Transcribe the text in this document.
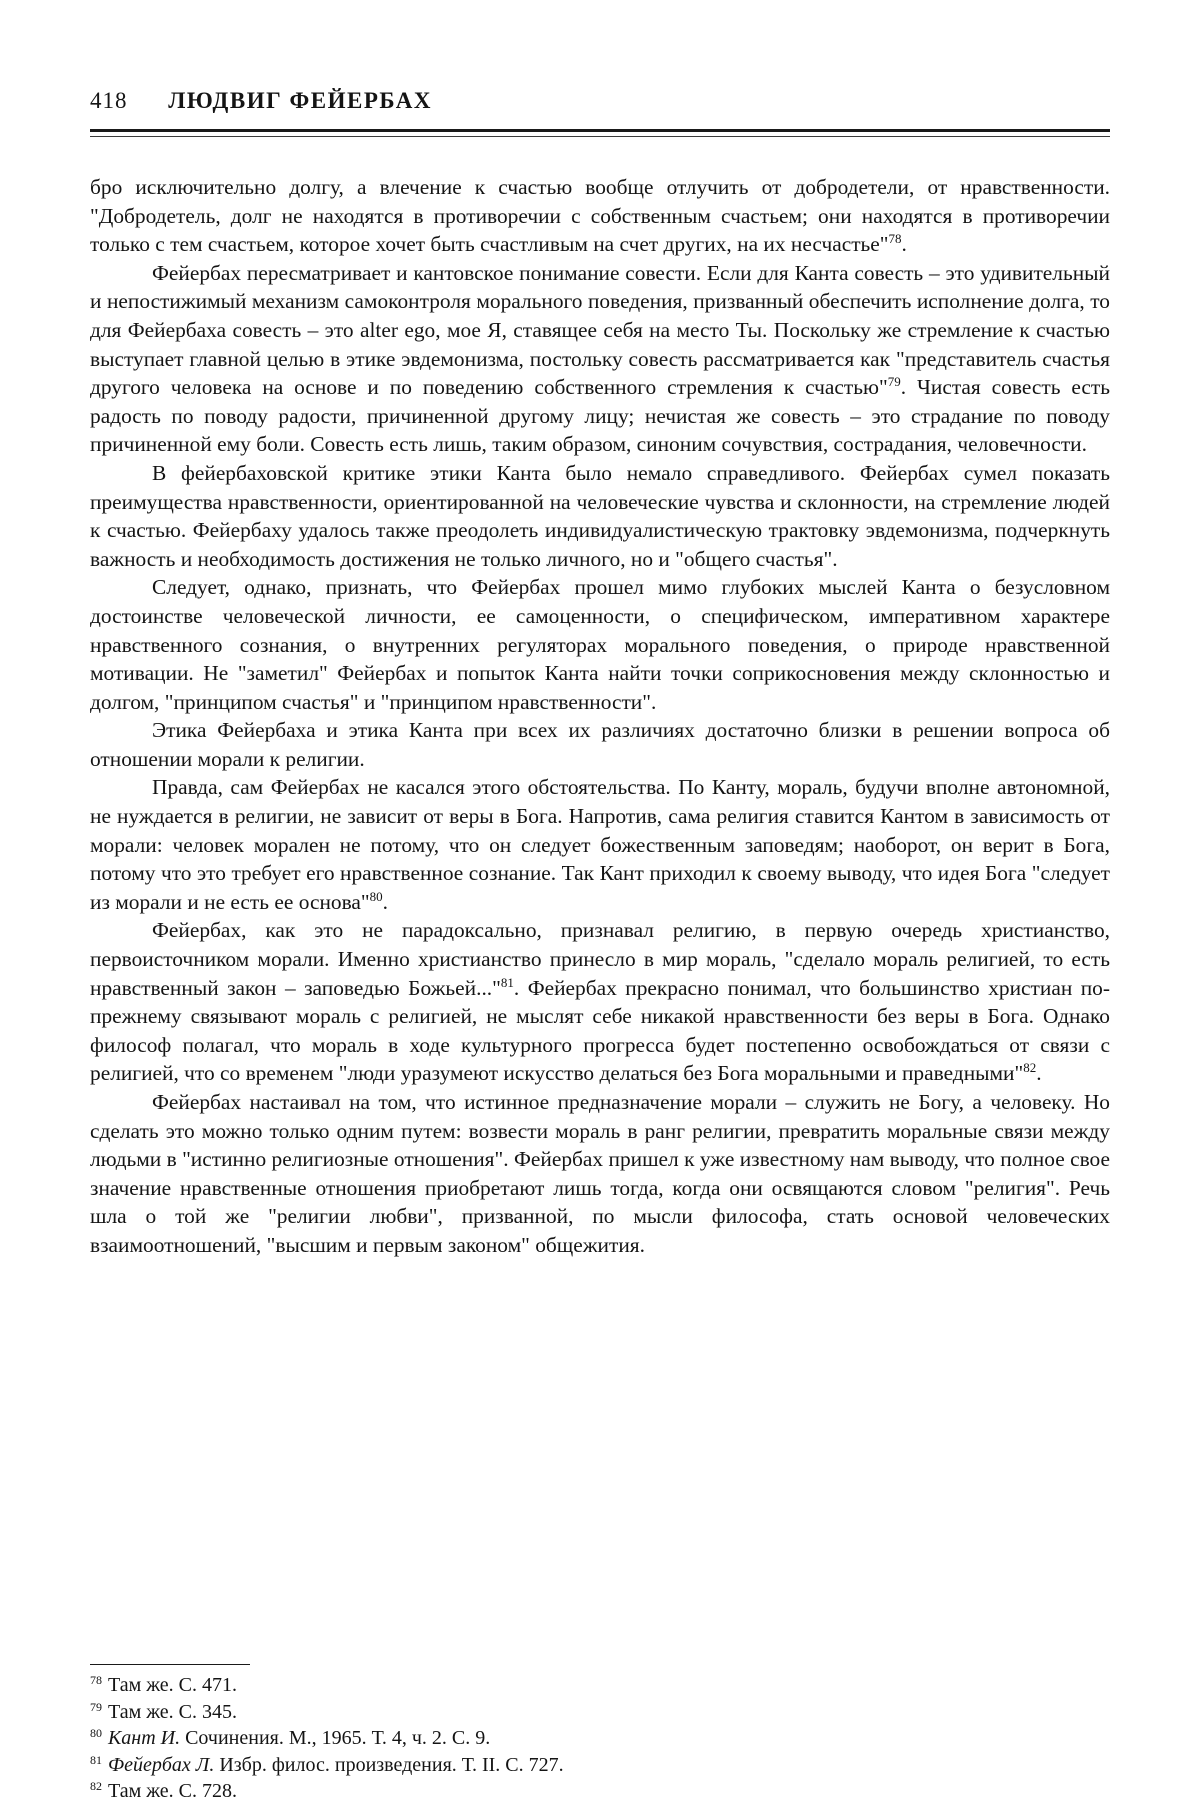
418 ЛЮДВИГ ФЕЙЕРБАХ

бро исключительно долгу, а влечение к счастью вообще отлучить от добродетели, от нравственности. "Добродетель, долг не находятся в противоречии с собственным счастьем; они находятся в противоречии только с тем счастьем, которое хочет быть счастливым на счет других, на их несчастье"$^{78}$.

Фейербах пересматривает и кантовское понимание совести. Если для Канта совесть – это удивительный и непостижимый механизм самоконтроля морального поведения, призванный обеспечить исполнение долга, то для Фейербаха совесть – это alter ego, мое Я, ставящее себя на место Ты. Поскольку же стремление к счастью выступает главной целью в этике эвдемонизма, постольку совесть рассматривается как "представитель счастья другого человека на основе и по поведению собственного стремления к счастью"$^{79}$. Чистая совесть есть радость по поводу радости, причиненной другому лицу; нечистая же совесть – это страдание по поводу причиненной ему боли. Совесть есть лишь, таким образом, синоним сочувствия, сострадания, человечности.

В фейербаховской критике этики Канта было немало справедливого. Фейербах сумел показать преимущества нравственности, ориентированной на человеческие чувства и склонности, на стремление людей к счастью. Фейербаху удалось также преодолеть индивидуалистическую трактовку эвдемонизма, подчеркнуть важность и необходимость достижения не только личного, но и "общего счастья".

Следует, однако, признать, что Фейербах прошел мимо глубоких мыслей Канта о безусловном достоинстве человеческой личности, ее самоценности, о специфическом, императивном характере нравственного сознания, о внутренних регуляторах морального поведения, о природе нравственной мотивации. Не "заметил" Фейербах и попыток Канта найти точки соприкосновения между склонностью и долгом, "принципом счастья" и "принципом нравственности".

Этика Фейербаха и этика Канта при всех их различиях достаточно близки в решении вопроса об отношении морали к религии.

Правда, сам Фейербах не касался этого обстоятельства. По Канту, мораль, будучи вполне автономной, не нуждается в религии, не зависит от веры в Бога. Напротив, сама религия ставится Кантом в зависимость от морали: человек морален не потому, что он следует божественным заповедям; наоборот, он верит в Бога, потому что это требует его нравственное сознание. Так Кант приходил к своему выводу, что идея Бога "следует из морали и не есть ее основа"$^{80}$.

Фейербах, как это не парадоксально, признавал религию, в первую очередь христианство, первоисточником морали. Именно христианство принесло в мир мораль, "сделало мораль религией, то есть нравственный закон – заповедью Божьей..."$^{81}$. Фейербах прекрасно понимал, что большинство христиан по-прежнему связывают мораль с религией, не мыслят себе никакой нравственности без веры в Бога. Однако философ полагал, что мораль в ходе культурного прогресса будет постепенно освобождаться от связи с религией, что со временем "люди уразумеют искусство делаться без Бога моральными и праведными"$^{82}$.

Фейербах настаивал на том, что истинное предназначение морали – служить не Богу, а человеку. Но сделать это можно только одним путем: возвести мораль в ранг религии, превратить моральные связи между людьми в "истинно религиозные отношения". Фейербах пришел к уже известному нам выводу, что полное свое значение нравственные отношения приобретают лишь тогда, когда они освящаются словом "религия". Речь шла о той же "религии любви", призванной, по мысли философа, стать основой человеческих взаимоотношений, "высшим и первым законом" общежития.

$^{78}$ Там же. С. 471.
$^{79}$ Там же. С. 345.
$^{80}$ Кант И. Сочинения. М., 1965. Т. 4, ч. 2. С. 9.
$^{81}$ Фейербах Л. Избр. филос. произведения. Т. II. С. 727.
$^{82}$ Там же. С. 728.
